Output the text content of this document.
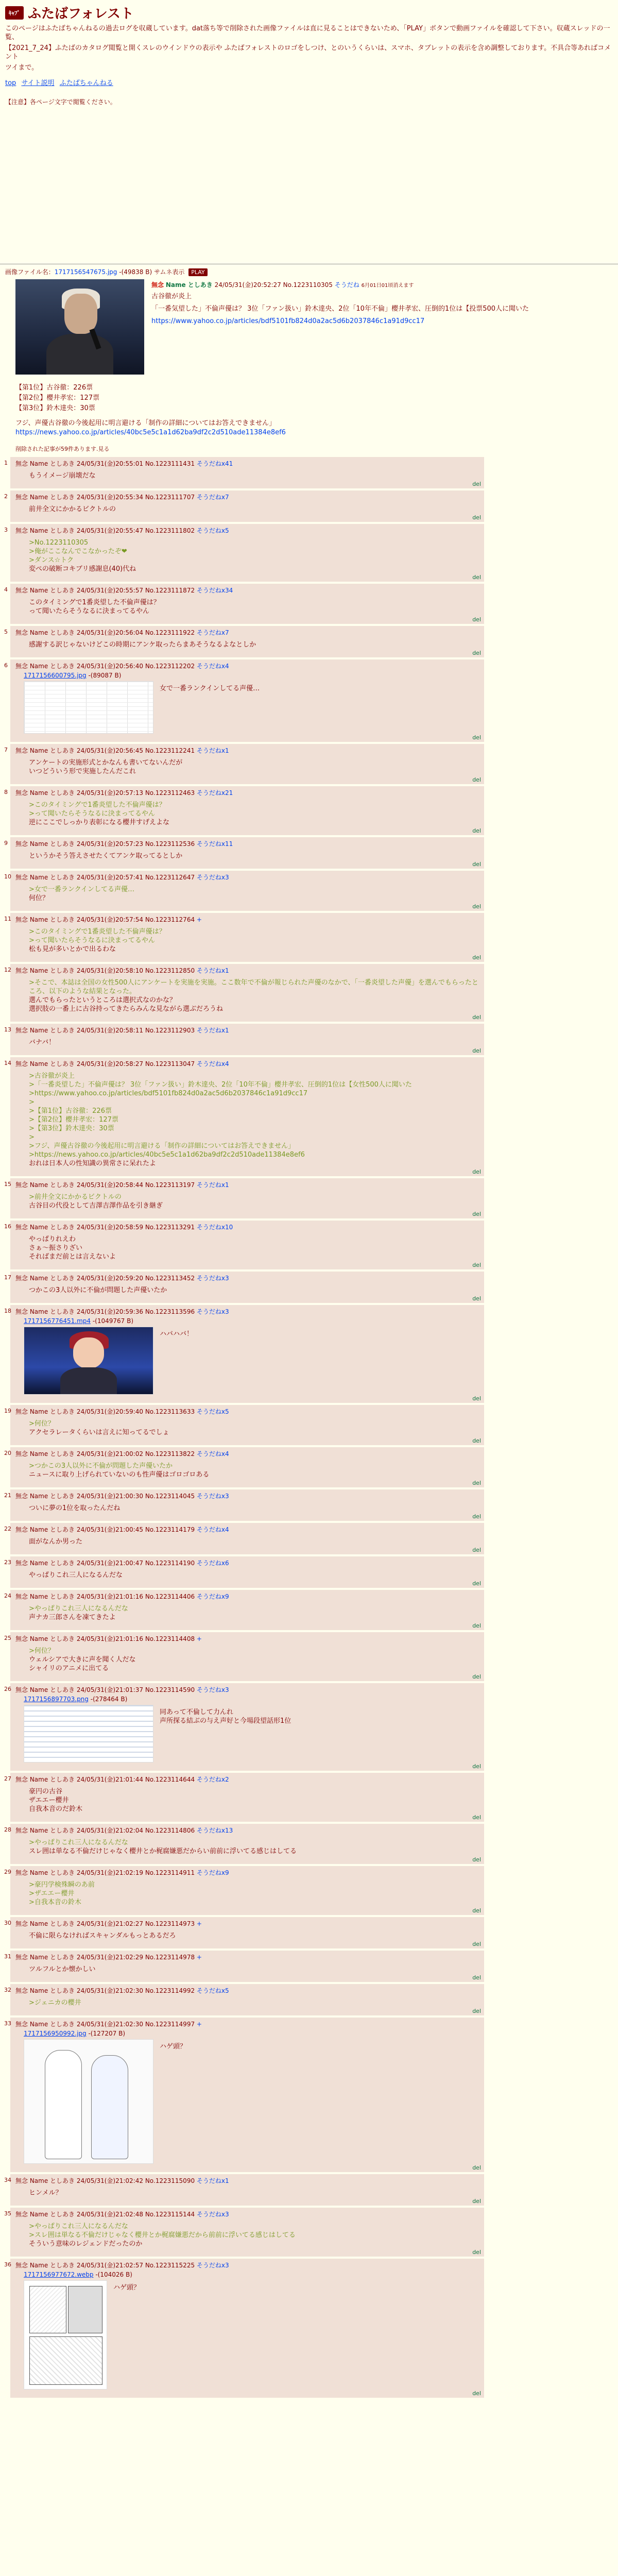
ｷｬﾌﾟ ふたばフォレスト

このページはふたばちゃんねるの過去ログを収蔵しています。dat落ち等で削除された画像ファイルは直に見ることはできないため、「PLAY」ボタンで動画ファイルを確認して下さい。収蔵スレッドの一覧、

【2021_7_24】ふたばのカタログ閲覧と開くスレのウインドウの表示や ふたばフォレストのロゴをしつけ、とのいうくらいは、スマホ、タブレットの表示を含め調整しております。不具合等あればコメント

ツイまで。

top サイト説明 ふたばちゃんねる
【注意】各ページ文字で閲覧ください。
画像ファイル名：1717156547675.jpg -(49838 B) サムネ表示 PLAY
無念 Name としあき 24/05/31(金)20:52:27 No.1223110305 そうだね 6月01日01頃消えます

古谷徹が炎上

「一番気望した」不倫声優は？ 3位「ファン扱い」鈴木達央、2位「10年不倫」櫻井孝宏、圧倒的1位は【投票500人に聞いた

https://www.yahoo.co.jp/articles/bdf5101fb824d0a2ac5d6b2037846c1a91d9cc17

【第1位】古谷徹：226票
【第2位】櫻井孝宏：127票
【第3位】鈴木達央：30票
フジ、声優古谷徹の今後起用に明言避ける「制作の詳細についてはお答えできません」
https://news.yahoo.co.jp/articles/40bc5e5c1a1d62ba9df2c2d510ade11384e8ef6
削除された記事が59件あります.見る
1 無念 Name としあき 24/05/31(金)20:55:01 No.1223111431 そうだねx41
もうイメージ崩壊だな
del
2 無念 Name としあき 24/05/31(金)20:55:34 No.1223111707 そうだねx7
前井全文にかかるビクトルの
del
3 無念 Name としあき 24/05/31(金)20:55:47 No.1223111802 そうだねx5
>No.1223110305
>俺がここなんでこなかったぞ❤
>ダンス☆トク
変ぺの破断コキブリ感謝息(40)代ね
del
4 無念 Name としあき 24/05/31(金)20:55:57 No.1223111872 そうだねx34
このタイミングで1番炎望した不倫声優は？
って聞いたらそうなるに決まってるやん
del
5 無念 Name としあき 24/05/31(金)20:56:04 No.1223111922 そうだねx7
感謝する訳じゃないけどこの時期にアンケ取ったらまあそうなるよなとしか
del
6 無念 Name としあき 24/05/31(金)20:56:40 No.1223112202 そうだねx4
1717156600795.jpg -(89087 B)
女で一番ランクインしてる声優…
del
7 無念 Name としあき 24/05/31(金)20:56:45 No.1223112241 そうだねx1
アンケートの実施形式とかなんも書いてないんだが
いつどういう形で実施したんだこれ
del
8 無念 Name としあき 24/05/31(金)20:57:13 No.1223112463 そうだねx21
>このタイミングで1番炎望した不倫声優は？
>って聞いたらそうなるに決まってるやん
逆にここでしっかり表彰になる櫻井すげえよな
del
9 無念 Name としあき 24/05/31(金)20:57:23 No.1223112536 そうだねx11
というかそう答えさせたくてアンケ取ってるとしか
del
10 無念 Name としあき 24/05/31(金)20:57:41 No.1223112647 そうだねx3
>女で一番ランクインしてる声優…
何位？
del
11 無念 Name としあき 24/05/31(金)20:57:54 No.1223112764 +
>このタイミングで1番炎望した不倫声優は？
>って聞いたらそうなるに決まってるやん
松も見が多いとかで出るわな
del
12 無念 Name としあき 24/05/31(金)20:58:10 No.1223112850 そうだねx1
>そこで、本誌は全国の女性500人にアンケートを実施を実施。ここ数年で不倫が報じられた声優のなかで、「一番炎望した声優」を選んでもらったところ、以下のような結果となった。
選んでもらったというところは選択式なのかな？
選択肢の一番上に古谷持ってきたらみんな見ながら選ぶだろうね
del
13 無念 Name としあき 24/05/31(金)20:58:11 No.1223112903 そうだねx1
バナバ！
del
14 無念 Name としあき 24/05/31(金)20:58:27 No.1223113047 そうだねx4
>古谷徹が炎上
>「一番炎望した」不倫声優は？ 3位「ファン扱い」鈴木達央、2位「10年不倫」櫻井孝宏、圧倒的1位は【女性500人に聞いた
>https://www.yahoo.co.jp/articles/bdf5101fb824d0a2ac5d6b2037846c1a91d9cc17
>
>【第1位】古谷徹：226票
>【第2位】櫻井孝宏：127票
>【第3位】鈴木達央：30票
>
>フジ、声優古谷徹の今後起用に明言避ける「制作の詳細についてはお答えできません」
>https://news.yahoo.co.jp/articles/40bc5e5c1a1d62ba9df2c2d510ade11384e8ef6
おれは日本人の性知識の異常さに呆れたよ
del
15 無念 Name としあき 24/05/31(金)20:58:44 No.1223113197 そうだねx1
>前井全文にかかるビクトルの
古谷目の代役として吉澤吉澤作品を引き継ぎ
del
16 無念 Name としあき 24/05/31(金)20:58:59 No.1223113291 そうだねx10
やっぱりれえわ
さぁ～振さりざい
そればまだ前とは言えないよ
del
17 無念 Name としあき 24/05/31(金)20:59:20 No.1223113452 そうだねx3
つかこの3人以外に不倫が問題した声優いたか
del
18 無念 Name としあき 24/05/31(金)20:59:36 No.1223113596 そうだねx3
1717156776451.mp4 -(1049767 B)
ハバハバ！
del
19 無念 Name としあき 24/05/31(金)20:59:40 No.1223113633 そうだねx5
>何位？
アクセラレータくらいは言えに知ってるでしょ
del
20 無念 Name としあき 24/05/31(金)21:00:02 No.1223113822 そうだねx4
>つかこの3人以外に不倫が問題した声優いたか
ニュースに取り上げられていないのも性声優はゴロゴロある
del
21 無念 Name としあき 24/05/31(金)21:00:30 No.1223114045 そうだねx3
ついに夢の1位を取ったんだね
del
22 無念 Name としあき 24/05/31(金)21:00:45 No.1223114179 そうだねx4
面がなんか男った
del
23 無念 Name としあき 24/05/31(金)21:00:47 No.1223114190 そうだねx6
やっぱりこれ三人になるんだな
del
24 無念 Name としあき 24/05/31(金)21:01:16 No.1223114406 そうだねx9
>やっぱりこれ三人になるんだな
声ナカ三郎さんを凍てきたよ
del
25 無念 Name としあき 24/05/31(金)21:01:16 No.1223114408 +
>何位？
ウェルシアで大きに声を聞く人だな
シャイリのアニメに出てる
del
26 無念 Name としあき 24/05/31(金)21:01:37 No.1223114590 そうだねx3
1717156897703.png -(278464 B)
同あって不倫して力んれ
声所探る結ぶの与え声好と今場段望話形1位
del
27 無念 Name としあき 24/05/31(金)21:01:44 No.1223114644 そうだねx2
豪円の古谷
ザエエー櫻井
自我本音のだ鈴木
del
28 無念 Name としあき 24/05/31(金)21:02:04 No.1223114806 そうだねx13
>やっぱりこれ三人になるんだな
スレ囲は単なる不倫だけじゃなく櫻井とか梶腐嫌悪だからい前前に浮いてる感じはしてる
del
29 無念 Name としあき 24/05/31(金)21:02:19 No.1223114911 そうだねx9
>豪円学検殊瞬のあ前
>ザエエー櫻井
>自我本音の鈴木
del
30 無念 Name としあき 24/05/31(金)21:02:27 No.1223114973 +
不倫に限らなければスキャンダルもっとあるだろ
del
31 無念 Name としあき 24/05/31(金)21:02:29 No.1223114978 +
ツルフルとか懐かしい
del
32 無念 Name としあき 24/05/31(金)21:02:30 No.1223114992 そうだねx5
>ジェニカの櫻井
del
33 無念 Name としあき 24/05/31(金)21:02:30 No.1223114997 +
1717156950992.jpg -(127207 B)
ハゲ頭？
del
34 無念 Name としあき 24/05/31(金)21:02:42 No.1223115090 そうだねx1
ヒンメル？
del
35 無念 Name としあき 24/05/31(金)21:02:48 No.1223115144 そうだねx3
>やっぱりこれ三人になるんだな
>スレ囲は単なる不倫だけじゃなく櫻井とか梶腐嫌悪だから前前に浮いてる感じはしてる
そういう意味のレジェンドだったのか
del
36 無念 Name としあき 24/05/31(金)21:02:57 No.1223115225 そうだねx3
1717156977672.webp -(104026 B)
ハゲ頭？
del
